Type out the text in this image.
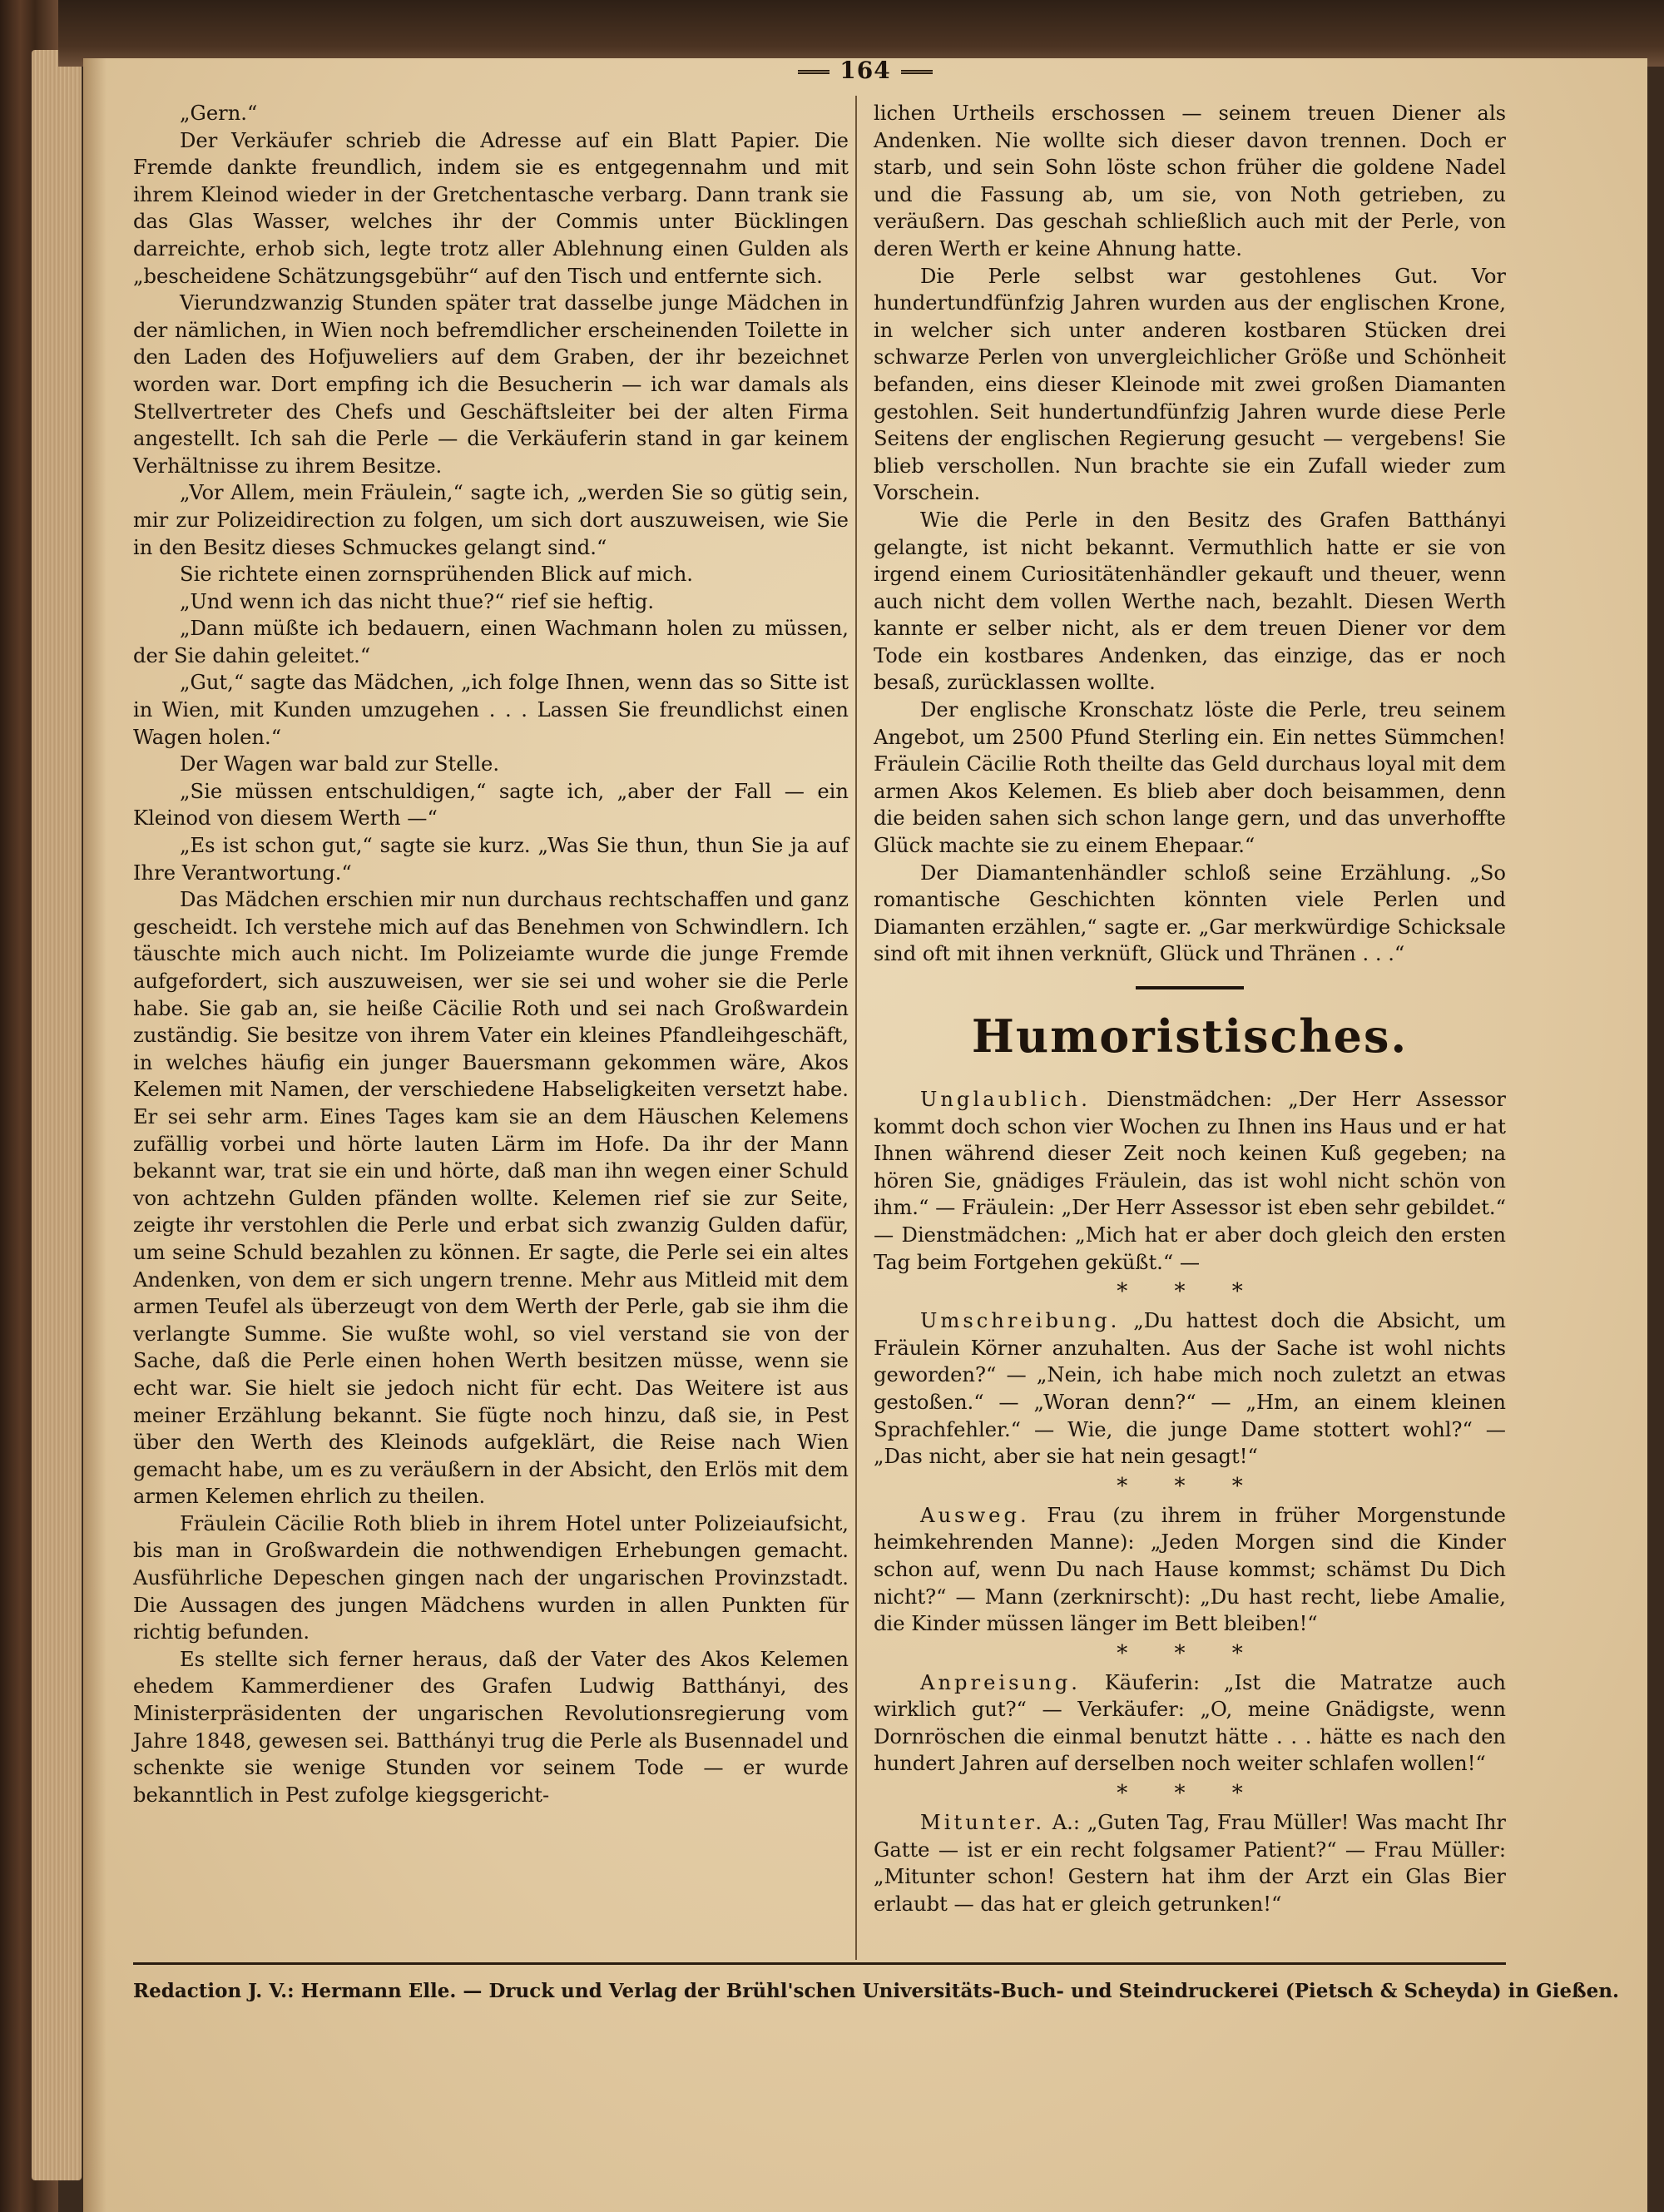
164

„Gern.“

Der Verkäufer schrieb die Adresse auf ein Blatt Papier. Die Fremde dankte freundlich, indem sie es entgegennahm und mit ihrem Kleinod wieder in der Gretchentasche verbarg. Dann trank sie das Glas Wasser, welches ihr der Commis unter Bücklingen darreichte, erhob sich, legte trotz aller Ablehnung einen Gulden als „bescheidene Schätzungsgebühr“ auf den Tisch und entfernte sich.

Vierundzwanzig Stunden später trat dasselbe junge Mädchen in der nämlichen, in Wien noch befremdlicher erscheinenden Toilette in den Laden des Hofjuweliers auf dem Graben, der ihr bezeichnet worden war. Dort empfing ich die Besucherin — ich war damals als Stellvertreter des Chefs und Geschäftsleiter bei der alten Firma angestellt. Ich sah die Perle — die Verkäuferin stand in gar keinem Verhältnisse zu ihrem Besitze.

„Vor Allem, mein Fräulein,“ sagte ich, „werden Sie so gütig sein, mir zur Polizeidirection zu folgen, um sich dort auszuweisen, wie Sie in den Besitz dieses Schmuckes gelangt sind.“

Sie richtete einen zornsprühenden Blick auf mich.

„Und wenn ich das nicht thue?“ rief sie heftig.

„Dann müßte ich bedauern, einen Wachmann holen zu müssen, der Sie dahin geleitet.“

„Gut,“ sagte das Mädchen, „ich folge Ihnen, wenn das so Sitte ist in Wien, mit Kunden umzugehen . . . Lassen Sie freundlichst einen Wagen holen.“

Der Wagen war bald zur Stelle.

„Sie müssen entschuldigen,“ sagte ich, „aber der Fall — ein Kleinod von diesem Werth —“

„Es ist schon gut,“ sagte sie kurz. „Was Sie thun, thun Sie ja auf Ihre Verantwortung.“

Das Mädchen erschien mir nun durchaus rechtschaffen und ganz gescheidt. Ich verstehe mich auf das Benehmen von Schwindlern. Ich täuschte mich auch nicht. Im Polizeiamte wurde die junge Fremde aufgefordert, sich auszuweisen, wer sie sei und woher sie die Perle habe. Sie gab an, sie heiße Cäcilie Roth und sei nach Großwardein zuständig. Sie besitze von ihrem Vater ein kleines Pfandleihgeschäft, in welches häufig ein junger Bauersmann gekommen wäre, Akos Kelemen mit Namen, der verschiedene Habseligkeiten versetzt habe. Er sei sehr arm. Eines Tages kam sie an dem Häuschen Kelemens zufällig vorbei und hörte lauten Lärm im Hofe. Da ihr der Mann bekannt war, trat sie ein und hörte, daß man ihn wegen einer Schuld von achtzehn Gulden pfänden wollte. Kelemen rief sie zur Seite, zeigte ihr verstohlen die Perle und erbat sich zwanzig Gulden dafür, um seine Schuld bezahlen zu können. Er sagte, die Perle sei ein altes Andenken, von dem er sich ungern trenne. Mehr aus Mitleid mit dem armen Teufel als überzeugt von dem Werth der Perle, gab sie ihm die verlangte Summe. Sie wußte wohl, so viel verstand sie von der Sache, daß die Perle einen hohen Werth besitzen müsse, wenn sie echt war. Sie hielt sie jedoch nicht für echt. Das Weitere ist aus meiner Erzählung bekannt. Sie fügte noch hinzu, daß sie, in Pest über den Werth des Kleinods aufgeklärt, die Reise nach Wien gemacht habe, um es zu veräußern in der Absicht, den Erlös mit dem armen Kelemen ehrlich zu theilen.

Fräulein Cäcilie Roth blieb in ihrem Hotel unter Polizeiaufsicht, bis man in Großwardein die nothwendigen Erhebungen gemacht. Ausführliche Depeschen gingen nach der ungarischen Provinzstadt. Die Aussagen des jungen Mädchens wurden in allen Punkten für richtig befunden.

Es stellte sich ferner heraus, daß der Vater des Akos Kelemen ehedem Kammerdiener des Grafen Ludwig Batthányi, des Ministerpräsidenten der ungarischen Revolutionsregierung vom Jahre 1848, gewesen sei. Batthányi trug die Perle als Busennadel und schenkte sie wenige Stunden vor seinem Tode — er wurde bekanntlich in Pest zufolge kiegsgericht-

lichen Urtheils erschossen — seinem treuen Diener als Andenken. Nie wollte sich dieser davon trennen. Doch er starb, und sein Sohn löste schon früher die goldene Nadel und die Fassung ab, um sie, von Noth getrieben, zu veräußern. Das geschah schließlich auch mit der Perle, von deren Werth er keine Ahnung hatte.

Die Perle selbst war gestohlenes Gut. Vor hundertundfünfzig Jahren wurden aus der englischen Krone, in welcher sich unter anderen kostbaren Stücken drei schwarze Perlen von unvergleichlicher Größe und Schönheit befanden, eins dieser Kleinode mit zwei großen Diamanten gestohlen. Seit hundertundfünfzig Jahren wurde diese Perle Seitens der englischen Regierung gesucht — vergebens! Sie blieb verschollen. Nun brachte sie ein Zufall wieder zum Vorschein.

Wie die Perle in den Besitz des Grafen Batthányi gelangte, ist nicht bekannt. Vermuthlich hatte er sie von irgend einem Curiositätenhändler gekauft und theuer, wenn auch nicht dem vollen Werthe nach, bezahlt. Diesen Werth kannte er selber nicht, als er dem treuen Diener vor dem Tode ein kostbares Andenken, das einzige, das er noch besaß, zurücklassen wollte.

Der englische Kronschatz löste die Perle, treu seinem Angebot, um 2500 Pfund Sterling ein. Ein nettes Sümmchen! Fräulein Cäcilie Roth theilte das Geld durchaus loyal mit dem armen Akos Kelemen. Es blieb aber doch beisammen, denn die beiden sahen sich schon lange gern, und das unverhoffte Glück machte sie zu einem Ehepaar.“

Der Diamantenhändler schloß seine Erzählung. „So romantische Geschichten könnten viele Perlen und Diamanten erzählen,“ sagte er. „Gar merkwürdige Schicksale sind oft mit ihnen verknüft, Glück und Thränen . . .“

Humoristisches.

Unglaublich. Dienstmädchen: „Der Herr Assessor kommt doch schon vier Wochen zu Ihnen ins Haus und er hat Ihnen während dieser Zeit noch keinen Kuß gegeben; na hören Sie, gnädiges Fräulein, das ist wohl nicht schön von ihm.“ — Fräulein: „Der Herr Assessor ist eben sehr gebildet.“ — Dienstmädchen: „Mich hat er aber doch gleich den ersten Tag beim Fortgehen geküßt.“ —

* * *

Umschreibung. „Du hattest doch die Absicht, um Fräulein Körner anzuhalten. Aus der Sache ist wohl nichts geworden?“ — „Nein, ich habe mich noch zuletzt an etwas gestoßen.“ — „Woran denn?“ — „Hm, an einem kleinen Sprachfehler.“ — Wie, die junge Dame stottert wohl?“ — „Das nicht, aber sie hat nein gesagt!“

* * *

Ausweg. Frau (zu ihrem in früher Morgenstunde heimkehrenden Manne): „Jeden Morgen sind die Kinder schon auf, wenn Du nach Hause kommst; schämst Du Dich nicht?“ — Mann (zerknirscht): „Du hast recht, liebe Amalie, die Kinder müssen länger im Bett bleiben!“

* * *

Anpreisung. Käuferin: „Ist die Matratze auch wirklich gut?“ — Verkäufer: „O, meine Gnädigste, wenn Dornröschen die einmal benutzt hätte . . . hätte es nach den hundert Jahren auf derselben noch weiter schlafen wollen!“

* * *

Mitunter. A.: „Guten Tag, Frau Müller! Was macht Ihr Gatte — ist er ein recht folgsamer Patient?“ — Frau Müller: „Mitunter schon! Gestern hat ihm der Arzt ein Glas Bier erlaubt — das hat er gleich getrunken!“

Redaction J. V.: Hermann Elle. — Druck und Verlag der Brühl'schen Universitäts-Buch- und Steindruckerei (Pietsch & Scheyda) in Gießen.
